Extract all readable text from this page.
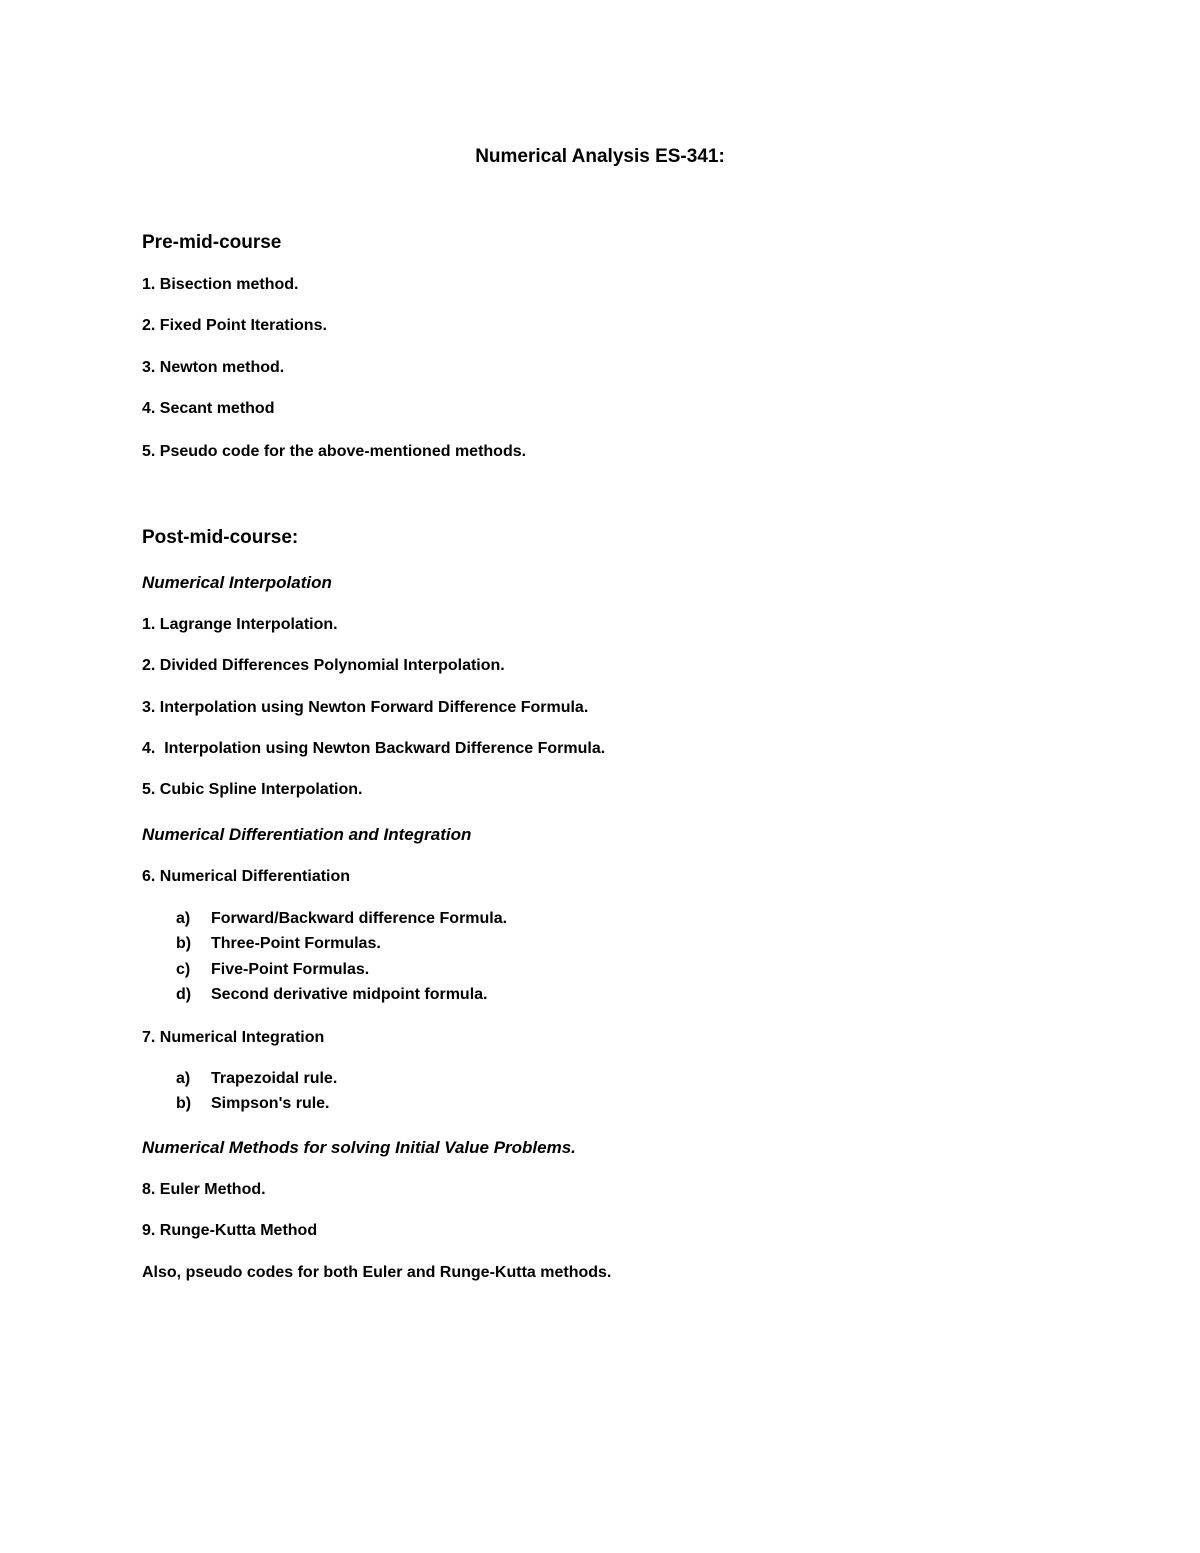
Numerical Analysis ES-341:
Pre-mid-course
1. Bisection method.
2. Fixed Point Iterations.
3. Newton method.
4. Secant method
5. Pseudo code for the above-mentioned methods.
Post-mid-course:
Numerical Interpolation
1. Lagrange Interpolation.
2. Divided Differences Polynomial Interpolation.
3. Interpolation using Newton Forward Difference Formula.
4.  Interpolation using Newton Backward Difference Formula.
5. Cubic Spline Interpolation.
Numerical Differentiation and Integration
6. Numerical Differentiation
a) Forward/Backward difference Formula.
b) Three-Point Formulas.
c) Five-Point Formulas.
d) Second derivative midpoint formula.
7. Numerical Integration
a) Trapezoidal rule.
b) Simpson's rule.
Numerical Methods for solving Initial Value Problems.
8. Euler Method.
9. Runge-Kutta Method
Also, pseudo codes for both Euler and Runge-Kutta methods.
